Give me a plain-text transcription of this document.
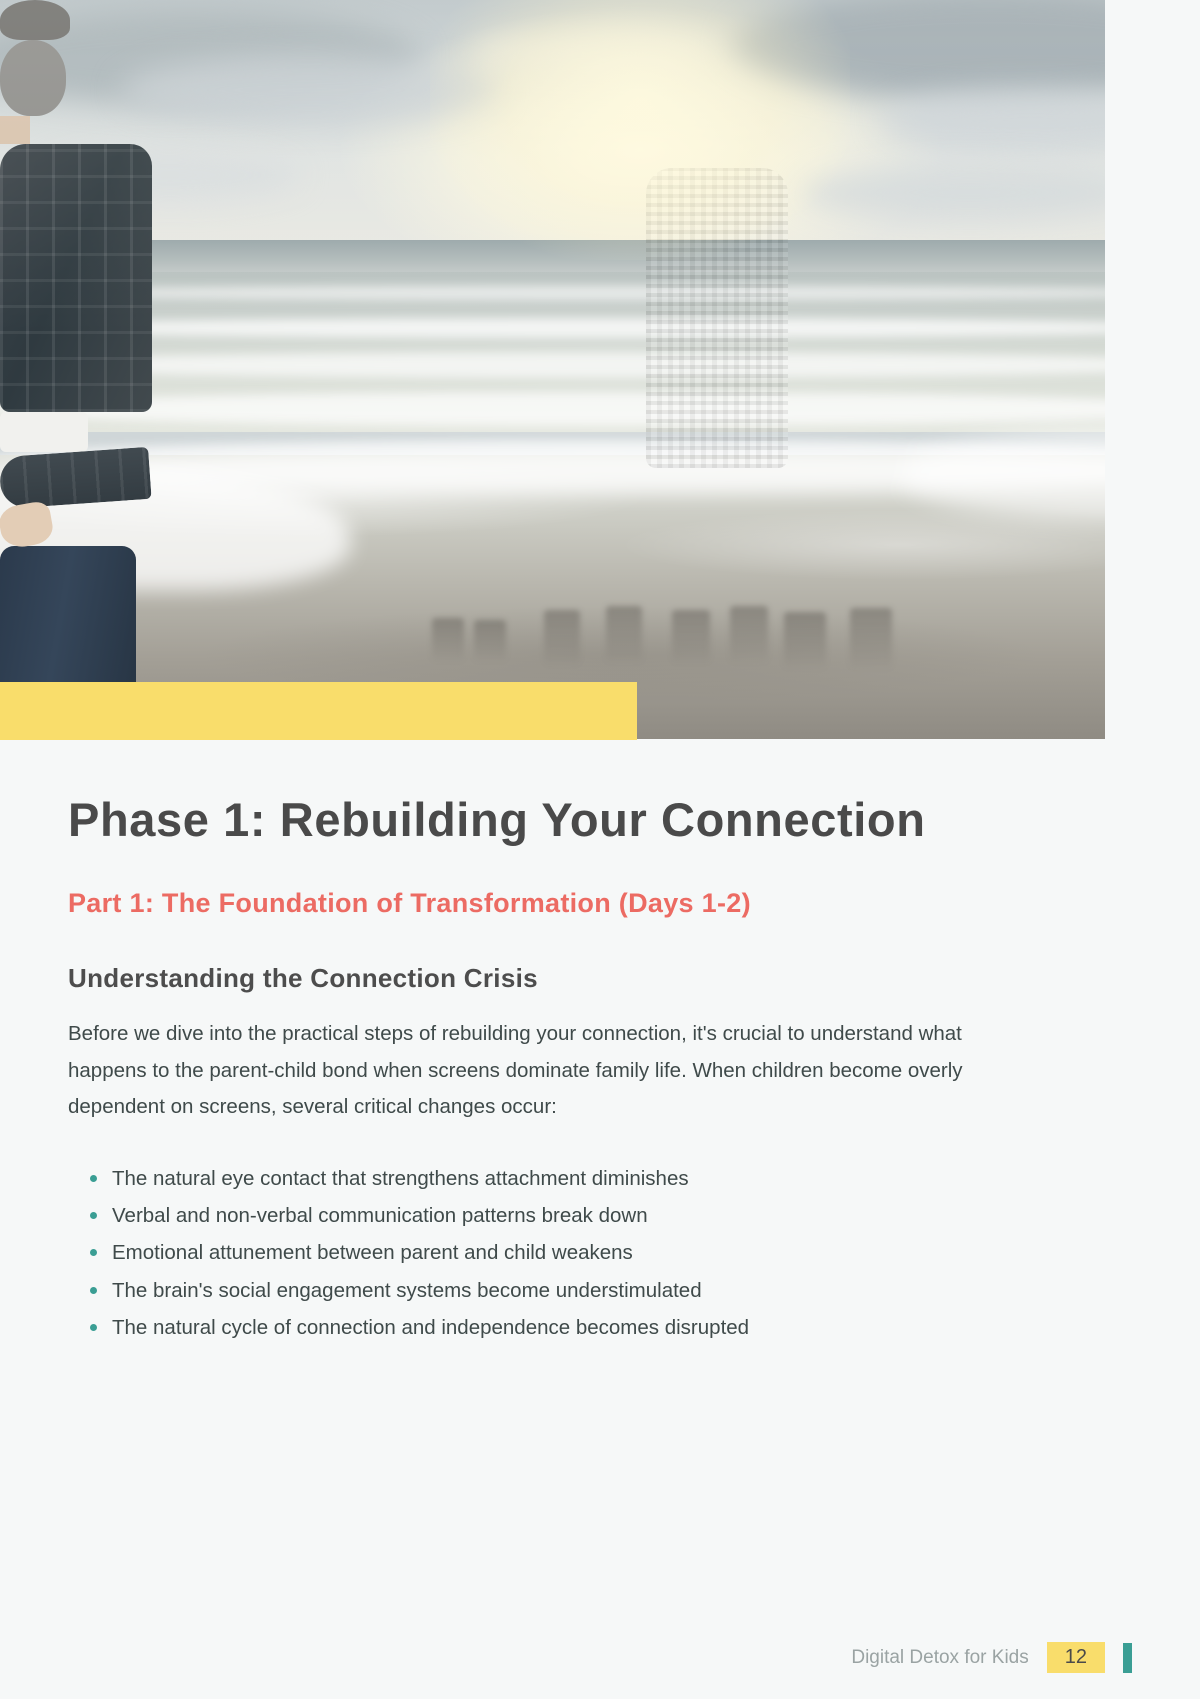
Phase 1: Rebuilding Your Connection
Part 1: The Foundation of Transformation (Days 1-2)
Understanding the Connection Crisis

Before we dive into the practical steps of rebuilding your connection, it's crucial to understand what happens to the parent-child bond when screens dominate family life. When children become overly dependent on screens, several critical changes occur:

The natural eye contact that strengthens attachment diminishes
Verbal and non-verbal communication patterns break down
Emotional attunement between parent and child weakens
The brain's social engagement systems become understimulated
The natural cycle of connection and independence becomes disrupted
Digital Detox for Kids	12
